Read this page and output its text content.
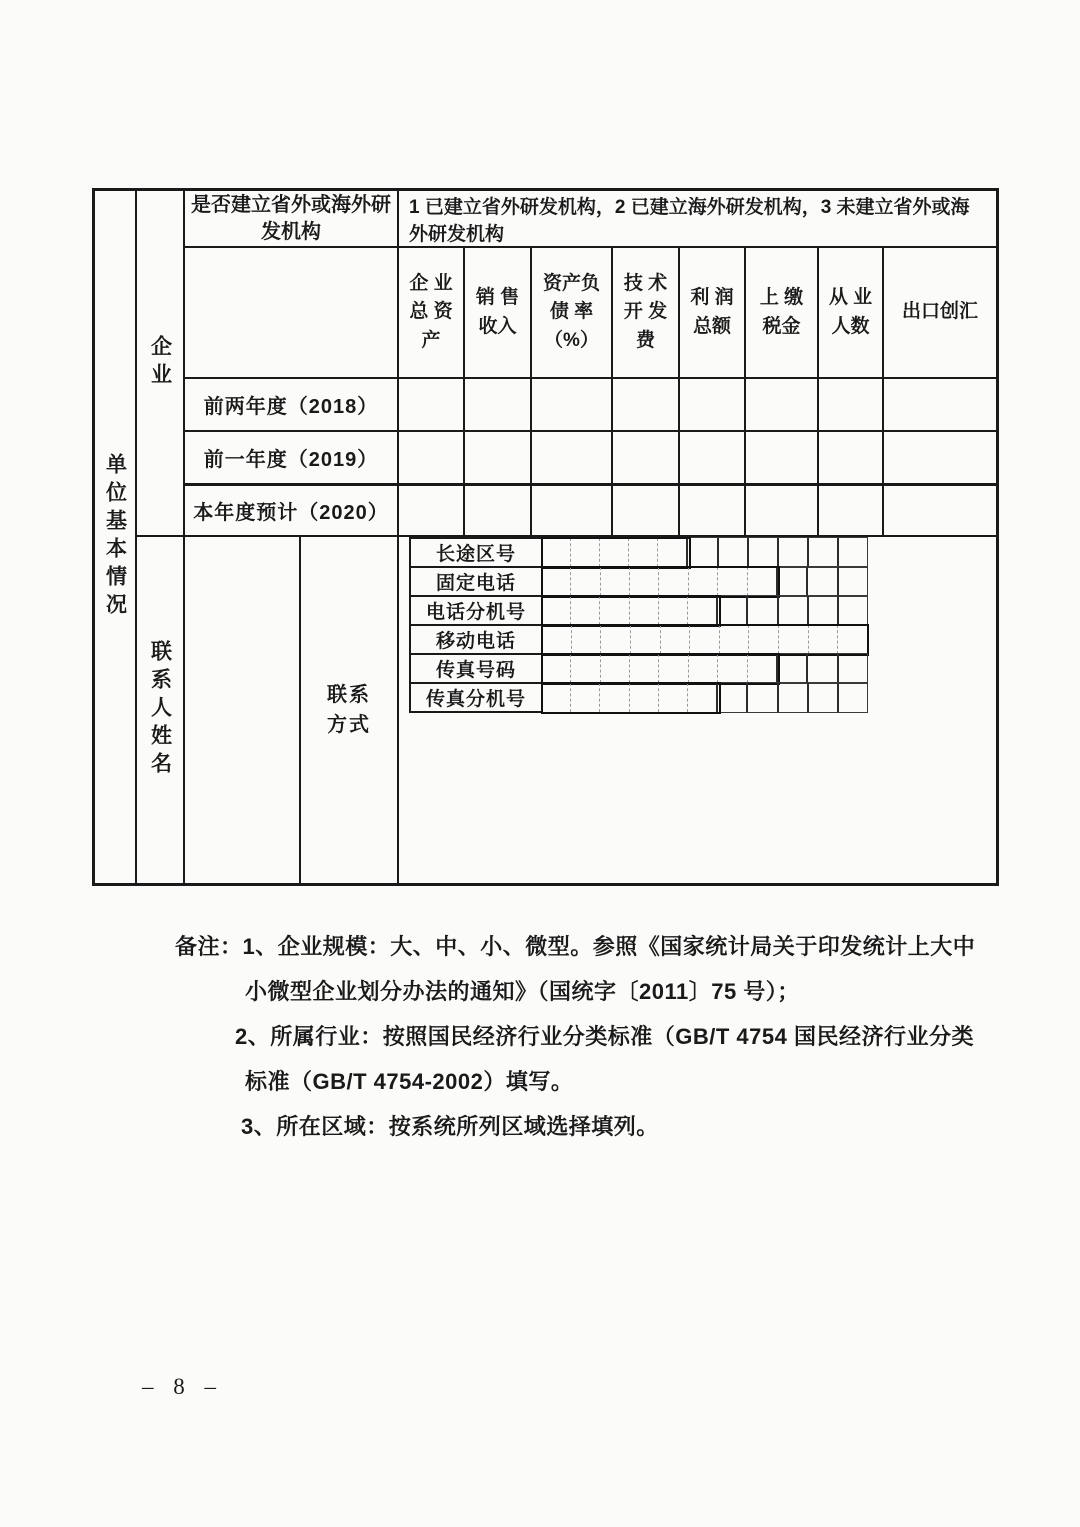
单位基本情况
企业
联系人姓名
是否建立省外或海外研发机构
1 已建立省外研发机构，2 已建立海外研发机构，3 未建立省外或海外研发机构
企 业 总 资 产
销 售 收入
资产负 债 率 （%）
技 术 开 发 费
利 润 总额
上 缴 税金
从 业 人数
出口创汇
前两年度（2018）
前一年度（2019）
本年度预计（2020）
联系方式
长途区号
固定电话
电话分机号
移动电话
传真号码
传真分机号
备注：1、企业规模：大、中、小、微型。参照《国家统计局关于印发统计上大中
小微型企业划分办法的通知》（国统字〔2011〕75 号）；
2、所属行业：按照国民经济行业分类标准（GB/T 4754 国民经济行业分类
标准（GB/T 4754-2002）填写。
3、所在区域：按系统所列区域选择填列。
– 8 –
